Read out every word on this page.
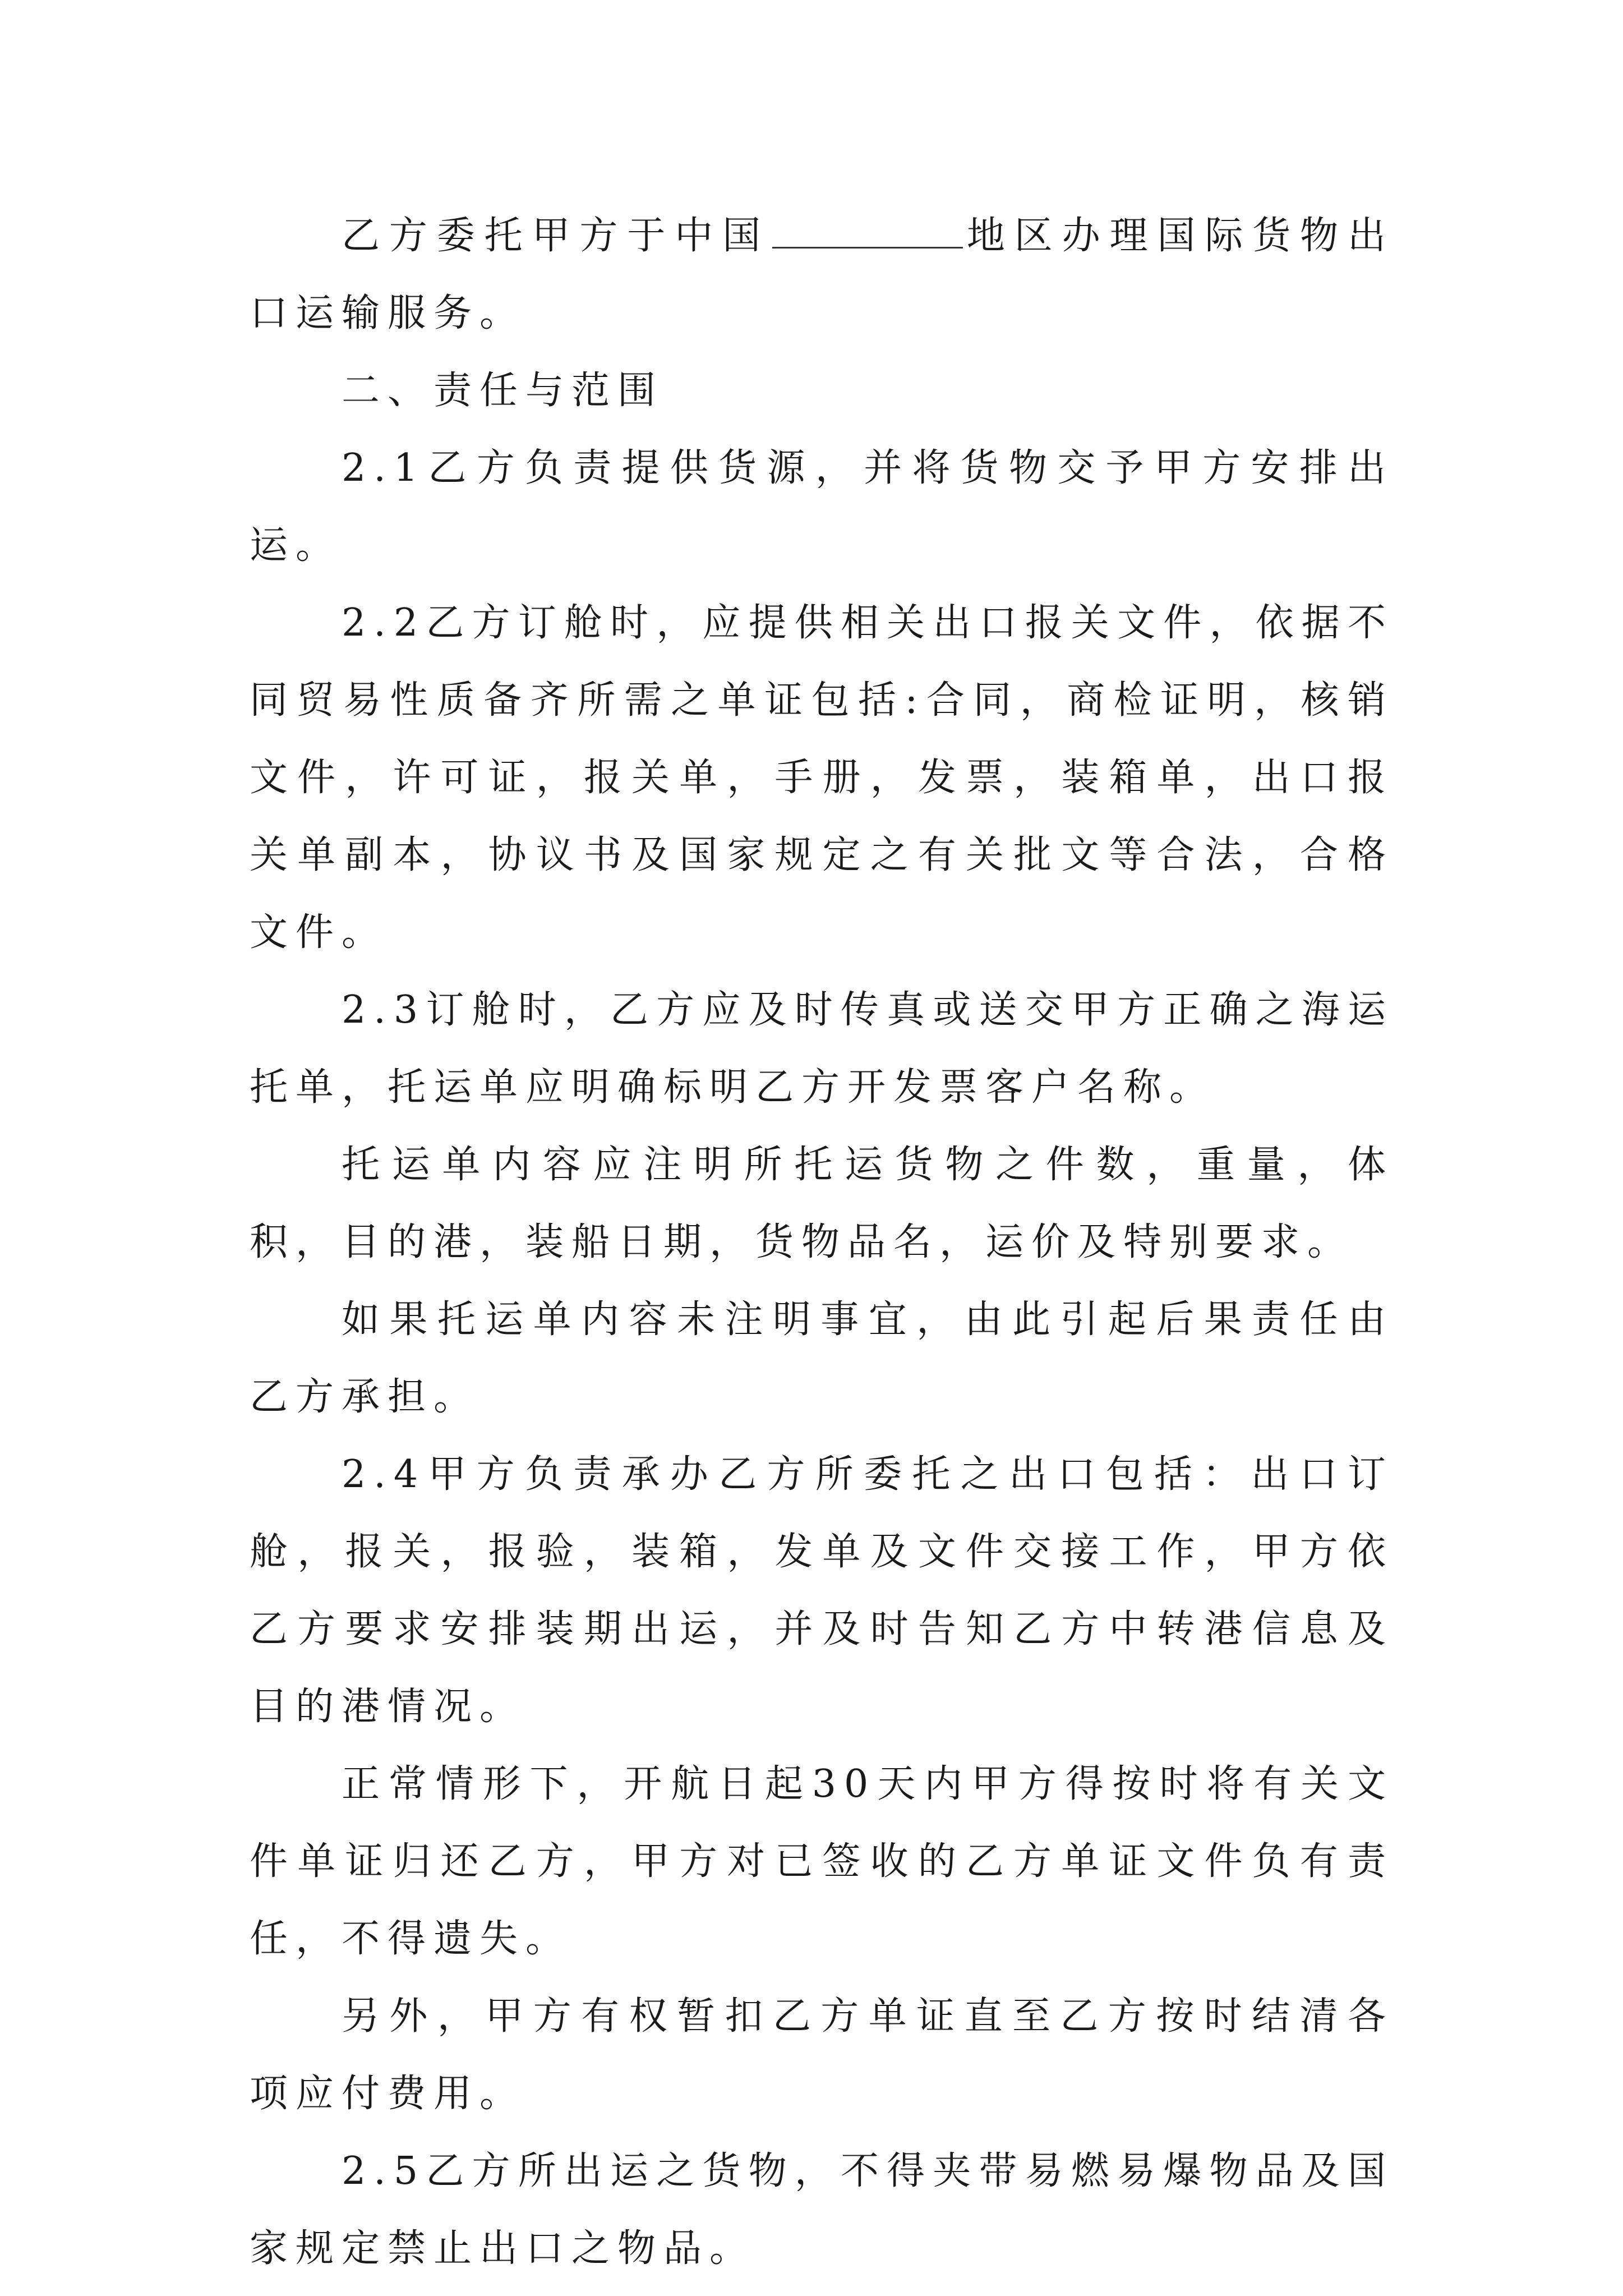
乙方委托甲方于中国	地区办理国际货物出口运输服务。

二、责任与范围

2.1乙方负责提供货源，并将货物交予甲方安排出运。

2.2乙方订舱时，应提供相关出口报关文件，依据不同贸易性质备齐所需之单证包括:合同，商检证明，核销文件，许可证，报关单，手册，发票，装箱单，出口报关单副本，协议书及国家规定之有关批文等合法，合格文件。

2.3订舱时，乙方应及时传真或送交甲方正确之海运托单，托运单应明确标明乙方开发票客户名称。

托运单内容应注明所托运货物之件数，重量，体积，目的港，装船日期，货物品名，运价及特别要求。

如果托运单内容未注明事宜，由此引起后果责任由乙方承担。

2.4甲方负责承办乙方所委托之出口包括：出口订舱，报关，报验，装箱，发单及文件交接工作，甲方依乙方要求安排装期出运，并及时告知乙方中转港信息及目的港情况。

正常情形下，开航日起30天内甲方得按时将有关文件单证归还乙方，甲方对已签收的乙方单证文件负有责任，不得遗失。

另外，甲方有权暂扣乙方单证直至乙方按时结清各项应付费用。

2.5乙方所出运之货物，不得夹带易燃易爆物品及国家规定禁止出口之物品。
